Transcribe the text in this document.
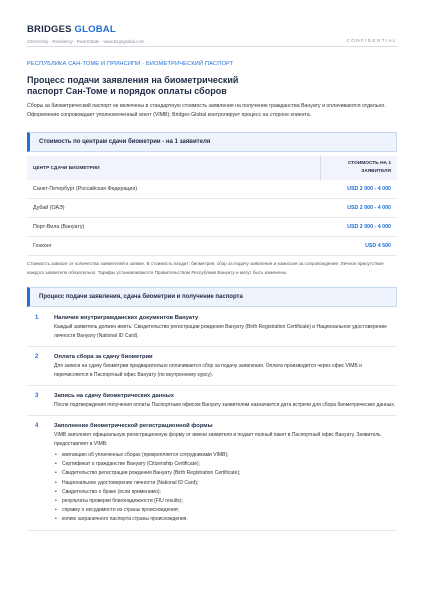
BRIDGES GLOBAL
Citizenship · Residency · Real Estate · www.bsgsglobal.com	CONFIDENTIAL
РЕСПУБЛИКА САН-ТОМЕ И ПРИНСИПИ · БИОМЕТРИЧЕСКИЙ ПАСПОРТ
Процесс подачи заявления на биометрический паспорт Сан-Томе и порядок оплаты сборов
Сборы за биометрический паспорт не включены в стандартную стоимость заявления на получение гражданства Вануату и оплачиваются отдельно. Оформление сопровождает уполномоченный агент (VIMB); Bridges Global контролирует процесс на стороне клиента.
Стоимость по центрам сдачи биометрии - на 1 заявителя
ЦЕНТР СДАЧИ БИОМЕТРИИ	СТОИМОСТЬ НА 1 ЗАЯВИТЕЛЯ
Санкт-Петербург (Российская Федерация)	USD 2 000 - 4 000
Дубай (ОАЭ)	USD 2 000 - 4 000
Порт-Вила (Вануату)	USD 2 000 - 4 000
Гонконг	USD 4 500
Стоимость зависит от количества заявителей в заявке. В стоимость входит: биометрия, сбор за подачу заявления и комиссия за сопровождение. Личное присутствие каждого заявителя обязательно. Тарифы устанавливаются Правительством Республики Вануату и могут быть изменены.
Процесс подачи заявления, сдача биометрии и получение паспорта
1	Наличие внутригражданских документов Вануату
Каждый заявитель должен иметь: Свидетельство регистрации рождения Вануату (Birth Registration Certificate) и Национальное удостоверение личности Вануату (National ID Card).
2	Оплата сбора за сдачу биометрии
Для записи на сдачу биометрии предварительно оплачивается сбор за подачу заявления. Оплата производится через офис VIMB и перечисляется в Паспортный офис Вануату (по внутреннему курсу).
3	Запись на сдачу биометрических данных
После подтверждения получения оплаты Паспортным офисом Вануату заявителям назначается дата встречи для сбора биометрических данных.
4	Заполнение биометрической регистрационной формы
VIMB заполняет официальную регистрационную форму от имени заявителя и подает полный пакет в Паспортный офис Вануату. Заявитель предоставляет в VIMB:
• квитанцию об уплаченных сборах (прикрепляется сотрудниками VIMB);
• Сертификат о гражданстве Вануату (Citizenship Certificate);
• Свидетельство регистрации рождения Вануату (Birth Registration Certificate);
• Национальное удостоверение личности (National ID Card);
• Свидетельство о браке (если применимо);
• результаты проверки благонадежности (FIU results);
• справку о несудимости из страны происхождения;
• копию заграничного паспорта страны происхождения.
